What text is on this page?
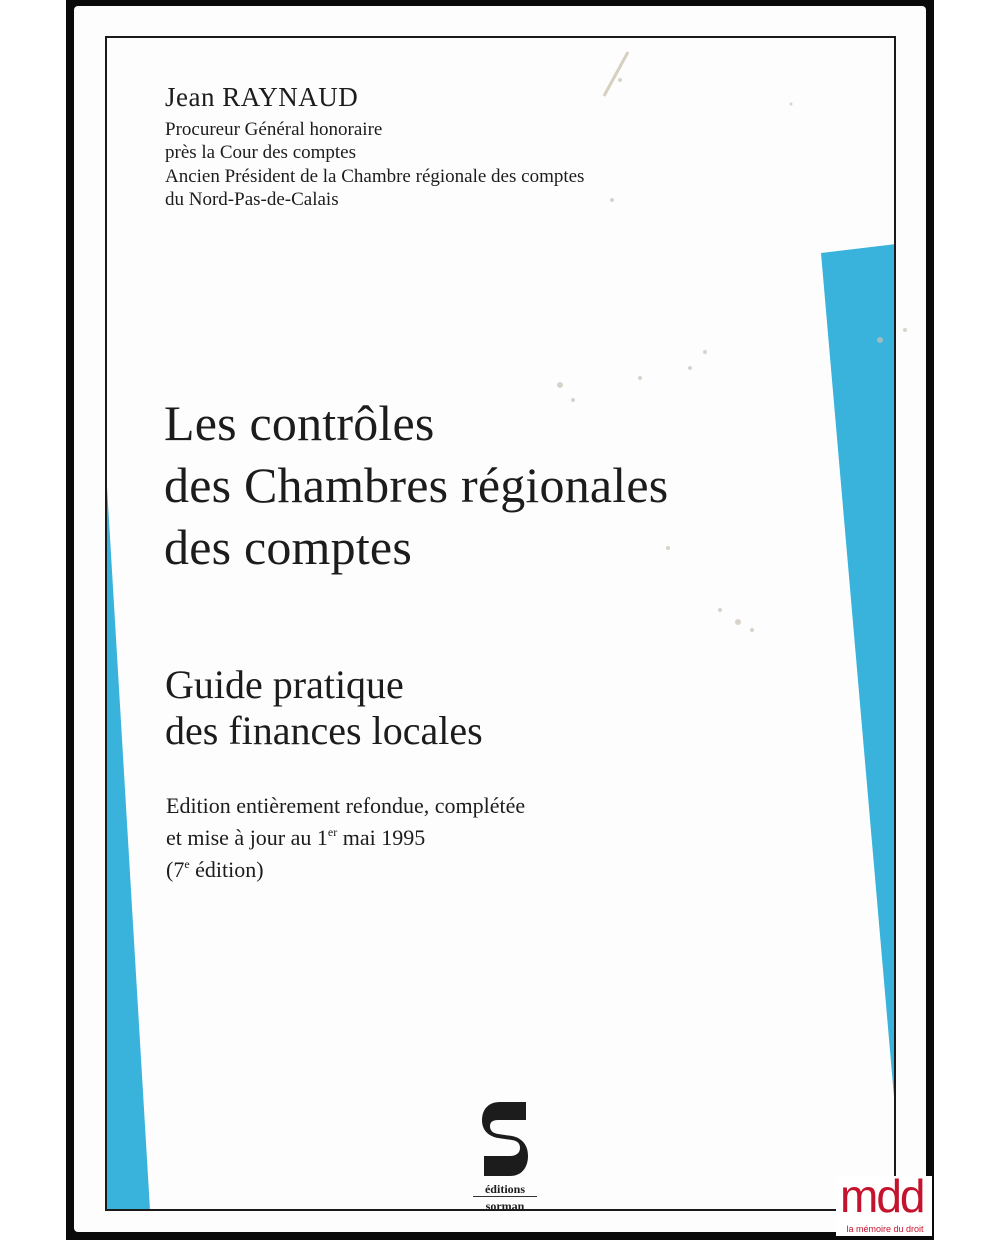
Jean RAYNAUD

Procureur Général honoraire

près la Cour des comptes

Ancien Président de la Chambre régionale des comptes

du Nord-Pas-de-Calais

Les contrôles
des Chambres régionales
des comptes
Guide pratique
des finances locales

Edition entièrement refondue, complétée

et mise à jour au 1er mai 1995

(7e édition)

éditions
sorman	mdd
la mémoire du droit
